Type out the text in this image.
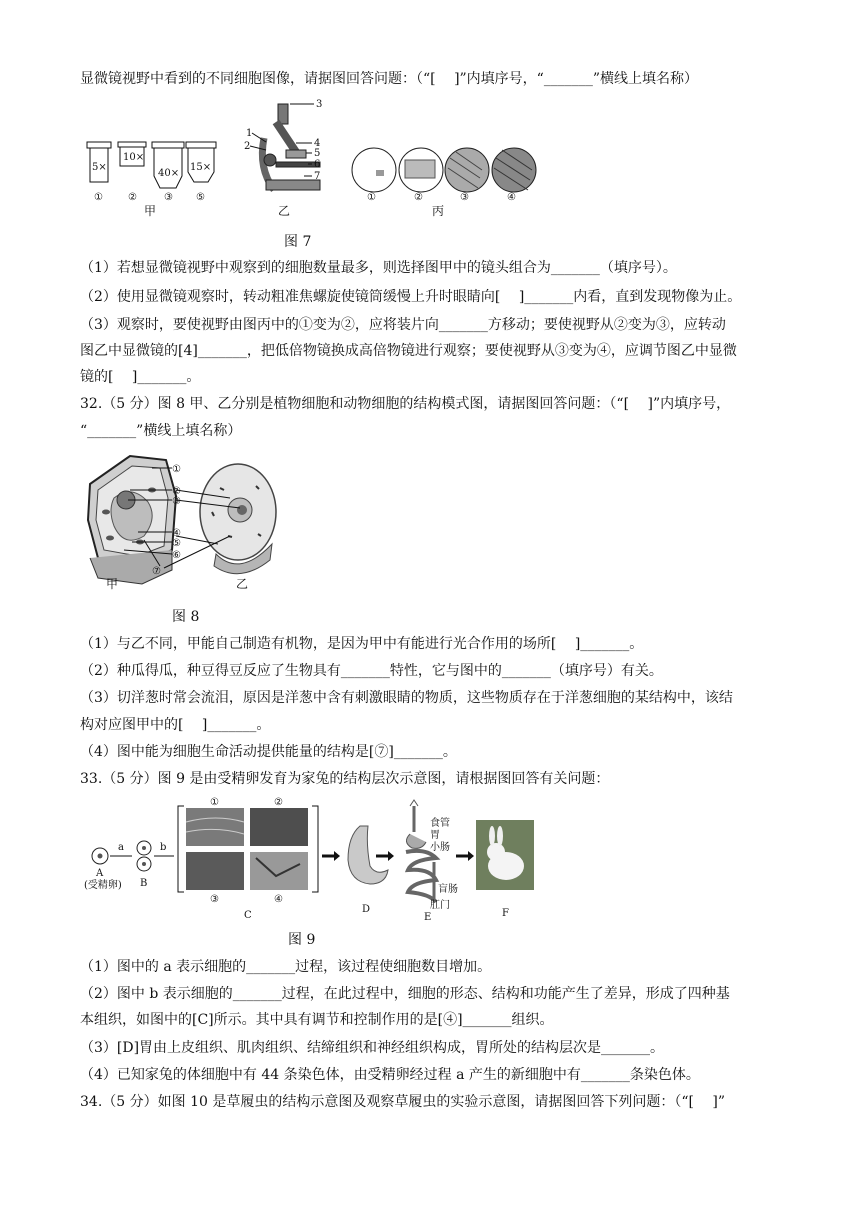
显微镜视野中看到的不同细胞图像，请据图回答问题：（“[　 ]”内填序号，“_______”横线上填名称）
5×
10×
40×
15×
①	②	③ ⑤
甲
3
1
2	4
5
6
7
乙
①	②	③	④
丙
图 7
（1）若想显微镜视野中观察到的细胞数量最多，则选择图甲中的镜头组合为_______（填序号）。
（2）使用显微镜观察时，转动粗准焦螺旋使镜筒缓慢上升时眼睛向[　 ]_______内看，直到发现物像为止。
（3）观察时，要使视野由图丙中的①变为②，应将装片向_______方移动；要使视野从②变为③，应转动
图乙中显微镜的[4]_______，把低倍物镜换成高倍物镜进行观察；要使视野从③变为④，应调节图乙中显微
镜的[　 ]_______。
32.（5 分）图 8 甲、乙分别是植物细胞和动物细胞的结构模式图，请据图回答问题：（“[　 ]”内填序号，
“_______”横线上填名称）
①
②
③
④
⑤
⑥
⑦
甲	乙
图 8
（1）与乙不同，甲能自己制造有机物，是因为甲中有能进行光合作用的场所[　 ]_______。
（2）种瓜得瓜，种豆得豆反应了生物具有_______特性，它与图中的_______（填序号）有关。
（3）切洋葱时常会流泪，原因是洋葱中含有刺激眼睛的物质，这些物质存在于洋葱细胞的某结构中，该结
构对应图甲中的[　 ]_______。
（4）图中能为细胞生命活动提供能量的结构是[⑦]_______。
33.（5 分）图 9 是由受精卵发育为家兔的结构层次示意图，请根据图回答有关问题：
A
(受精卵)
a
B
b
①	②
③	④
C
D
食管
胃
小肠
盲肠
肛门
E	F
图 9
（1）图中的 a 表示细胞的_______过程，该过程使细胞数目增加。
（2）图中 b 表示细胞的_______过程，在此过程中，细胞的形态、结构和功能产生了差异，形成了四种基
本组织，如图中的[C]所示。其中具有调节和控制作用的是[④]_______组织。
（3）[D]胃由上皮组织、肌肉组织、结缔组织和神经组织构成，胃所处的结构层次是_______。
（4）已知家兔的体细胞中有 44 条染色体，由受精卵经过程 a 产生的新细胞中有_______条染色体。
34.（5 分）如图 10 是草履虫的结构示意图及观察草履虫的实验示意图，请据图回答下列问题：（“[　 ]”
